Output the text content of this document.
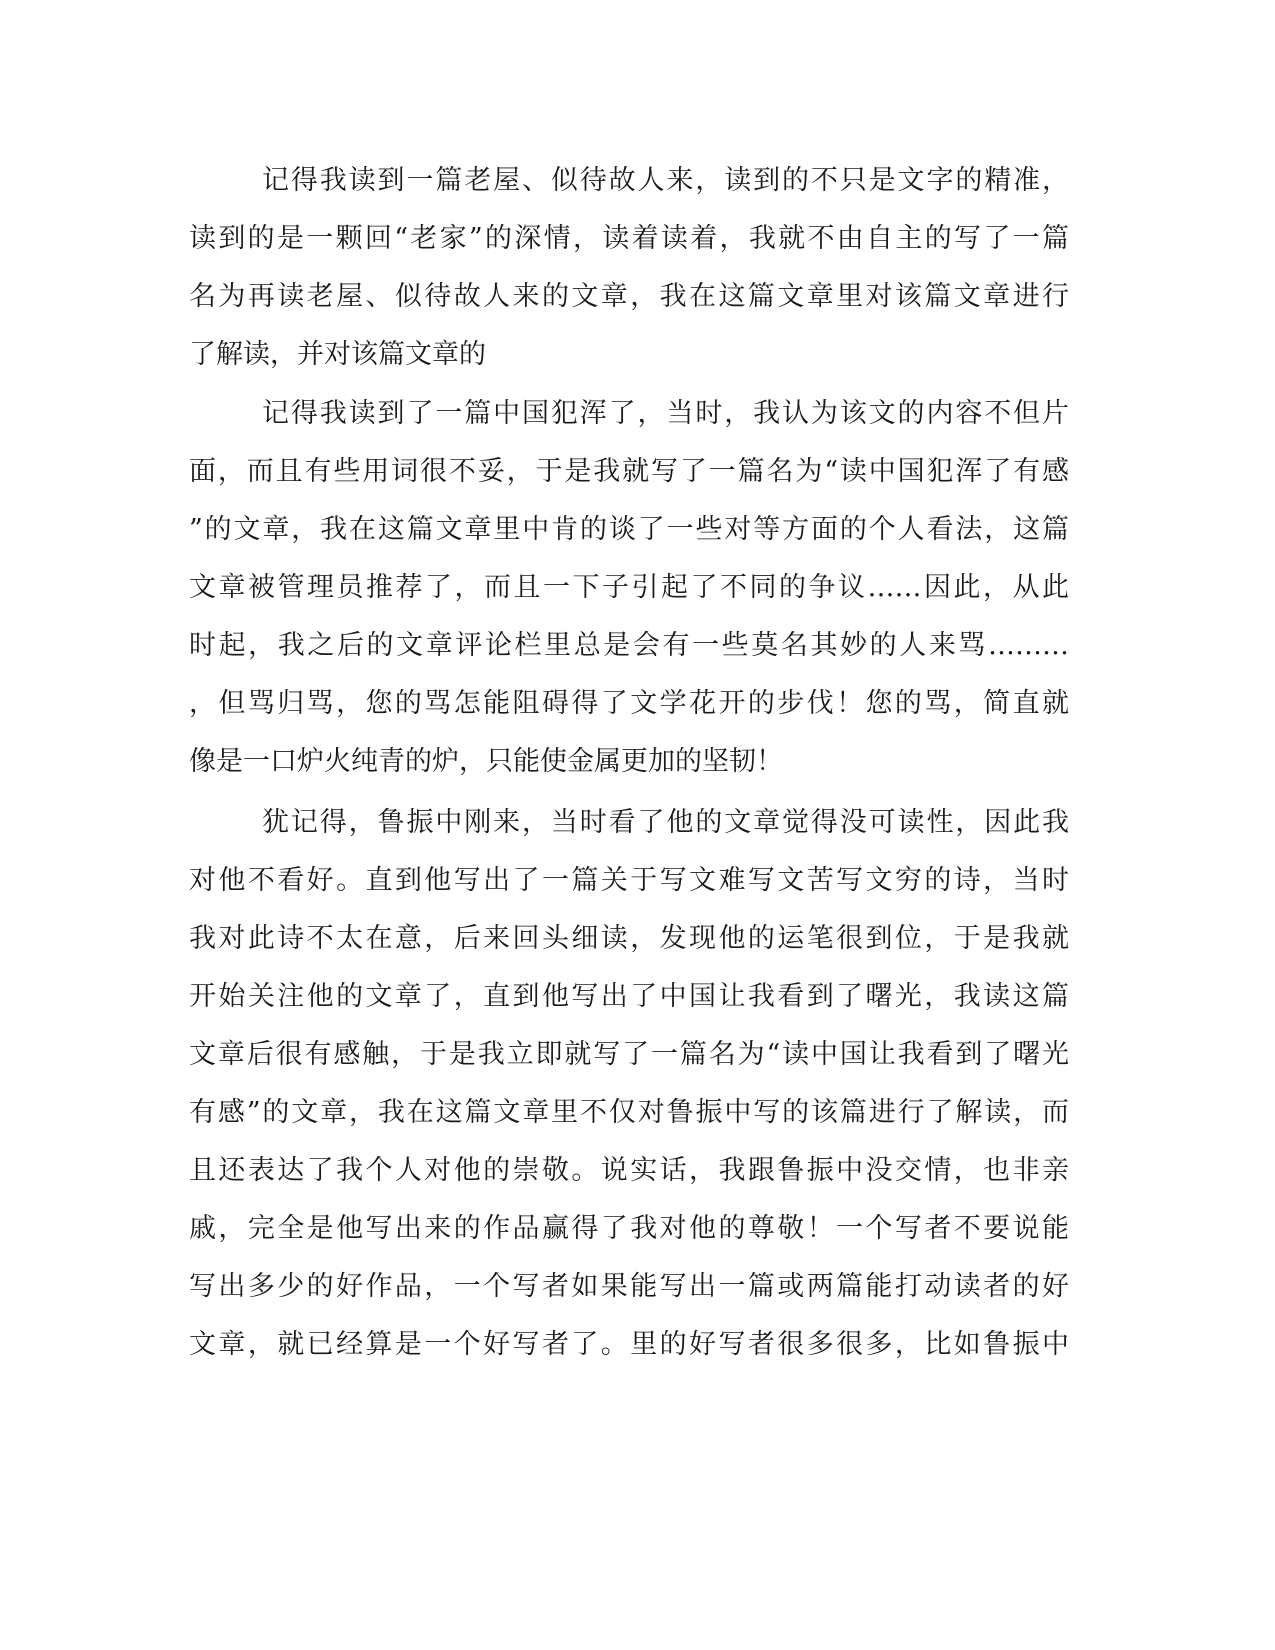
记得我读到一篇老屋、似待故人来，读到的不只是文字的精准，
读到的是一颗回“老家”的深情，读着读着，我就不由自主的写了一篇
名为再读老屋、似待故人来的文章，我在这篇文章里对该篇文章进行
了解读，并对该篇文章的
记得我读到了一篇中国犯浑了，当时，我认为该文的内容不但片
面，而且有些用词很不妥，于是我就写了一篇名为“读中国犯浑了有感
”的文章，我在这篇文章里中肯的谈了一些对等方面的个人看法，这篇
文章被管理员推荐了，而且一下子引起了不同的争议……因此，从此
时起，我之后的文章评论栏里总是会有一些莫名其妙的人来骂………
，但骂归骂，您的骂怎能阻碍得了文学花开的步伐！您的骂，简直就
像是一口炉火纯青的炉，只能使金属更加的坚韧！
犹记得，鲁振中刚来，当时看了他的文章觉得没可读性，因此我
对他不看好。直到他写出了一篇关于写文难写文苦写文穷的诗，当时
我对此诗不太在意，后来回头细读，发现他的运笔很到位，于是我就
开始关注他的文章了，直到他写出了中国让我看到了曙光，我读这篇
文章后很有感触，于是我立即就写了一篇名为“读中国让我看到了曙光
有感”的文章，我在这篇文章里不仅对鲁振中写的该篇进行了解读，而
且还表达了我个人对他的崇敬。说实话，我跟鲁振中没交情，也非亲
戚，完全是他写出来的作品赢得了我对他的尊敬！一个写者不要说能
写出多少的好作品，一个写者如果能写出一篇或两篇能打动读者的好
文章，就已经算是一个好写者了。里的好写者很多很多，比如鲁振中
